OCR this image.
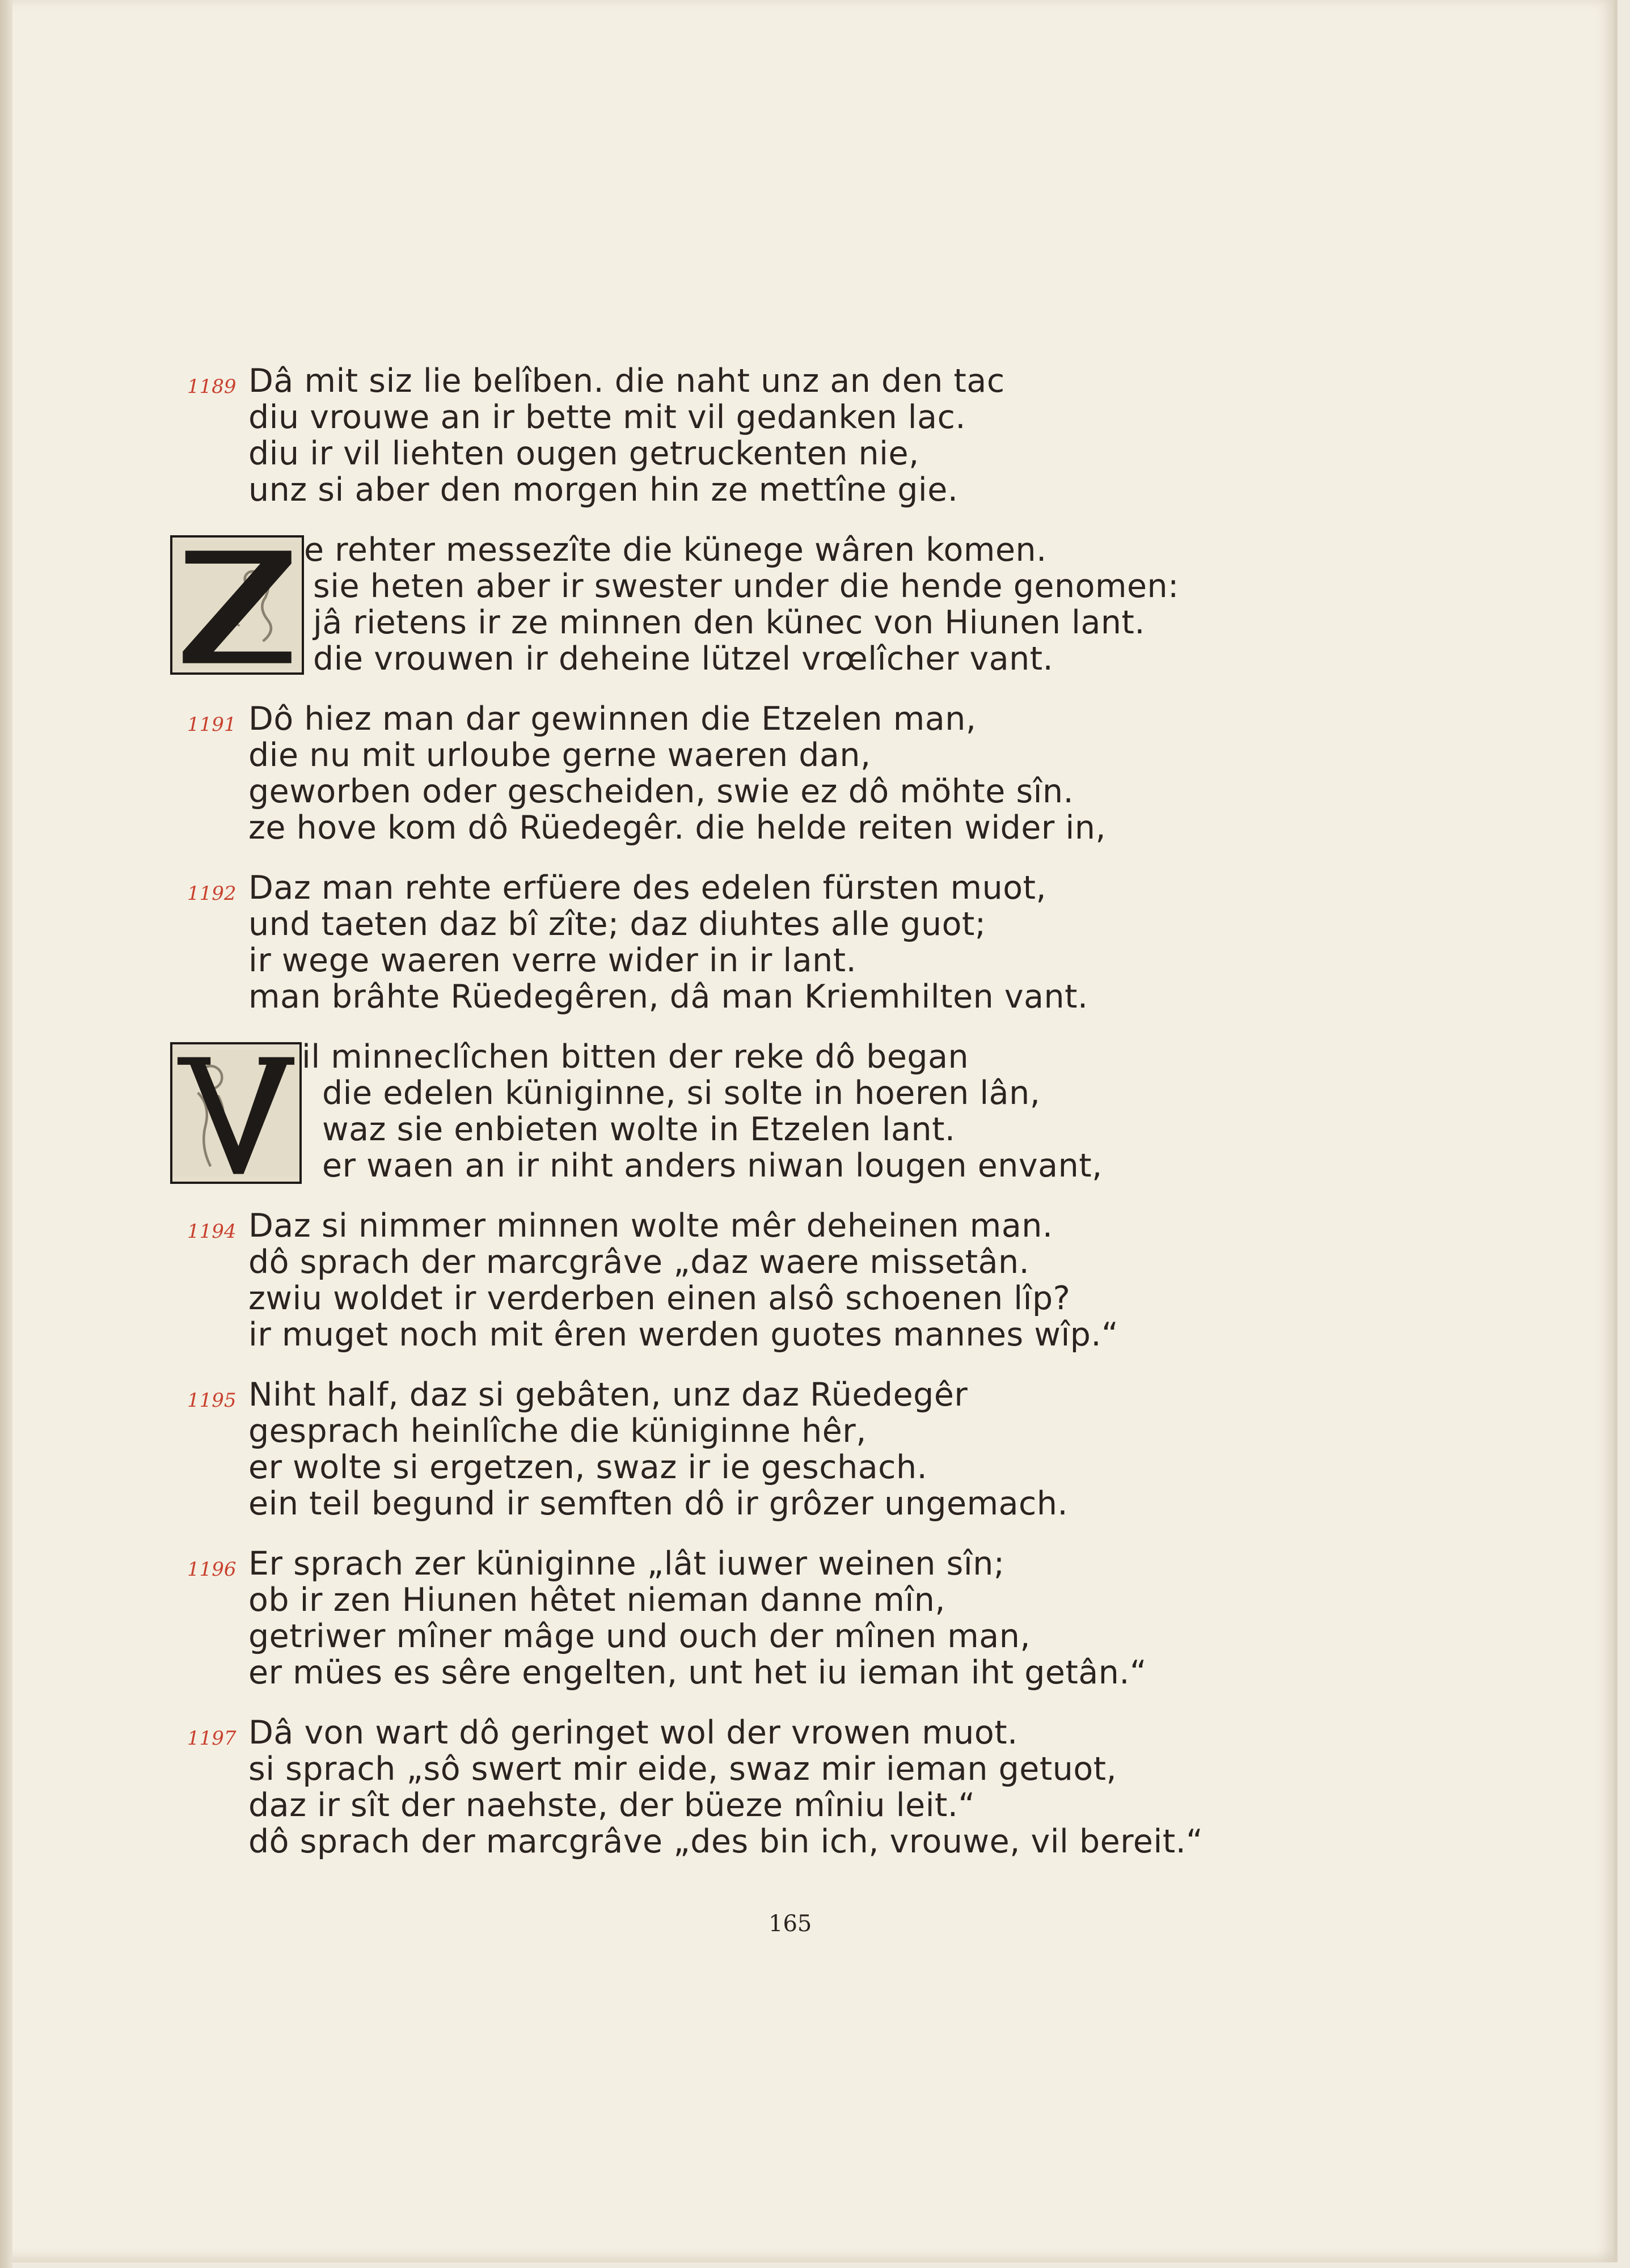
1189 Dâ mit siz lie belîben. die naht unz an den tac
diu vrouwe an ir bette mit vil gedanken lac.
diu ir vil liehten ougen getruckenten nie,
unz si aber den morgen hin ze mettîne gie.
e rehter messezîte die künege wâren komen.
sie heten aber ir swester under die hende genomen:
jâ rietens ir ze minnen den künec von Hiunen lant.
die vrouwen ir deheine lützel vrœlîcher vant.
1191 Dô hiez man dar gewinnen die Etzelen man,
die nu mit urloube gerne waeren dan,
geworben oder gescheiden, swie ez dô möhte sîn.
ze hove kom dô Rüedegêr. die helde reiten wider in,
1192 Daz man rehte erfüere des edelen fürsten muot,
und taeten daz bî zîte; daz diuhtes alle guot;
ir wege waeren verre wider in ir lant.
man brâhte Rüedegêren, dâ man Kriemhilten vant.
il minneclîchen bitten der reke dô began
die edelen küniginne, si solte in hoeren lân,
waz sie enbieten wolte in Etzelen lant.
er waen an ir niht anders niwan lougen envant,
1194 Daz si nimmer minnen wolte mêr deheinen man.
dô sprach der marcgrâve „daz waere missetân.
zwiu woldet ir verderben einen alsô schoenen lîp?
ir muget noch mit êren werden guotes mannes wîp.“
1195 Niht half, daz si gebâten, unz daz Rüedegêr
gesprach heinlîche die küniginne hêr,
er wolte si ergetzen, swaz ir ie geschach.
ein teil begund ir semften dô ir grôzer ungemach.
1196 Er sprach zer küniginne „lât iuwer weinen sîn;
ob ir zen Hiunen hêtet nieman danne mîn,
getriwer mîner mâge und ouch der mînen man,
er mües es sêre engelten, unt het iu ieman iht getân.“
1197 Dâ von wart dô geringet wol der vrowen muot.
si sprach „sô swert mir eide, swaz mir ieman getuot,
daz ir sît der naehste, der büeze mîniu leit.“
dô sprach der marcgrâve „des bin ich, vrouwe, vil bereit.“
165
